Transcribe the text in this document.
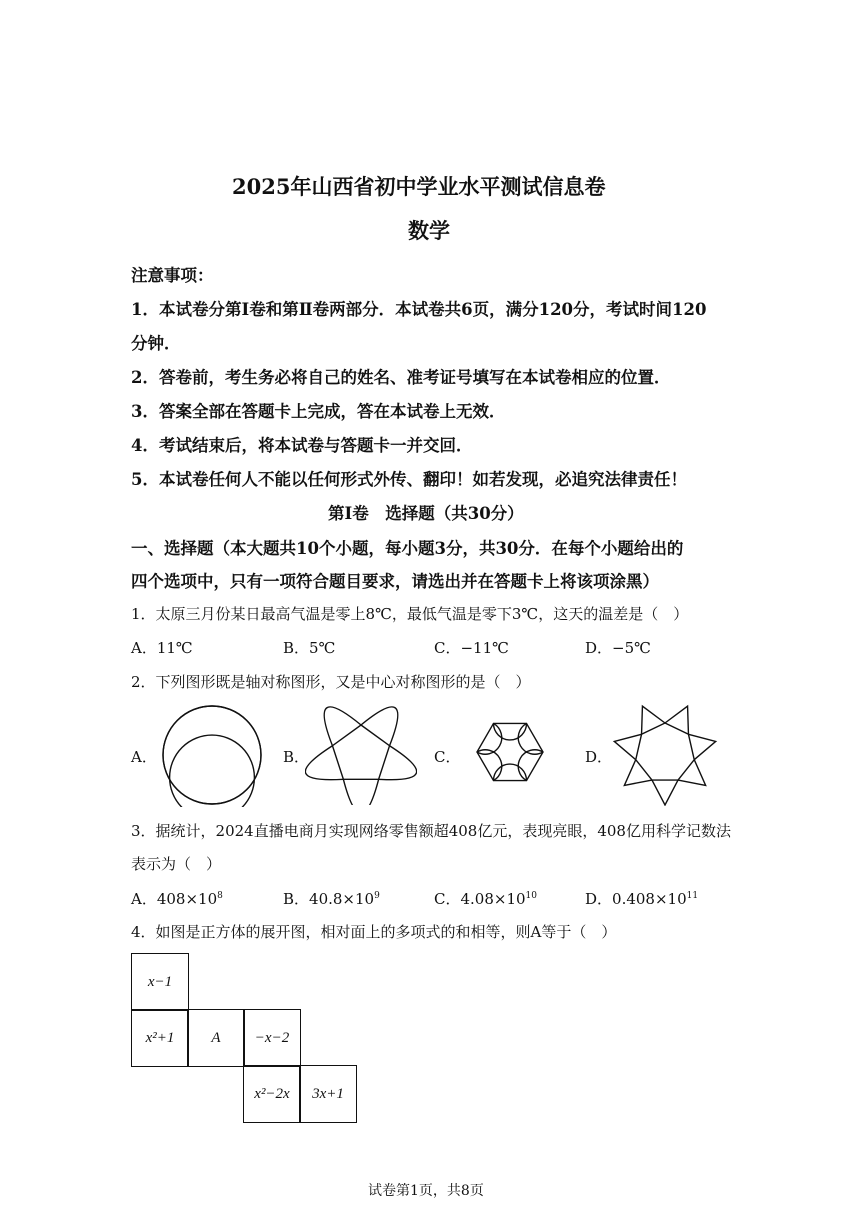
2025年山西省初中学业水平测试信息卷
数学
注意事项：
1．本试卷分第Ⅰ卷和第Ⅱ卷两部分．本试卷共6页，满分120分，考试时间120
分钟．
2．答卷前，考生务必将自己的姓名、准考证号填写在本试卷相应的位置．
3．答案全部在答题卡上完成，答在本试卷上无效．
4．考试结束后，将本试卷与答题卡一并交回．
5．本试卷任何人不能以任何形式外传、翻印！如若发现，必追究法律责任！
第Ⅰ卷　选择题（共30分）
一、选择题（本大题共10个小题，每小题3分，共30分．在每个小题给出的
四个选项中，只有一项符合题目要求，请选出并在答题卡上将该项涂黑）
1．太原三月份某日最高气温是零上8℃，最低气温是零下3℃，这天的温差是（　）
A．11℃	B．5℃	C．−11℃	D．−5℃
2．下列图形既是轴对称图形，又是中心对称图形的是（　）
A．	B．	C．	D．
3．据统计，2024直播电商月实现网络零售额超408亿元，表现亮眼，408亿用科学记数法
表示为（　）
A．$408\times 10^8$	B．$40.8\times 10^9$	C．$4.08\times 10^{10}$	D．$0.408\times 10^{11}$
4．如图是正方体的展开图，相对面上的多项式的和相等，则A等于（　）
x−1
x²+1	A	−x−2
x²−2x	3x+1
试卷第1页，共8页
